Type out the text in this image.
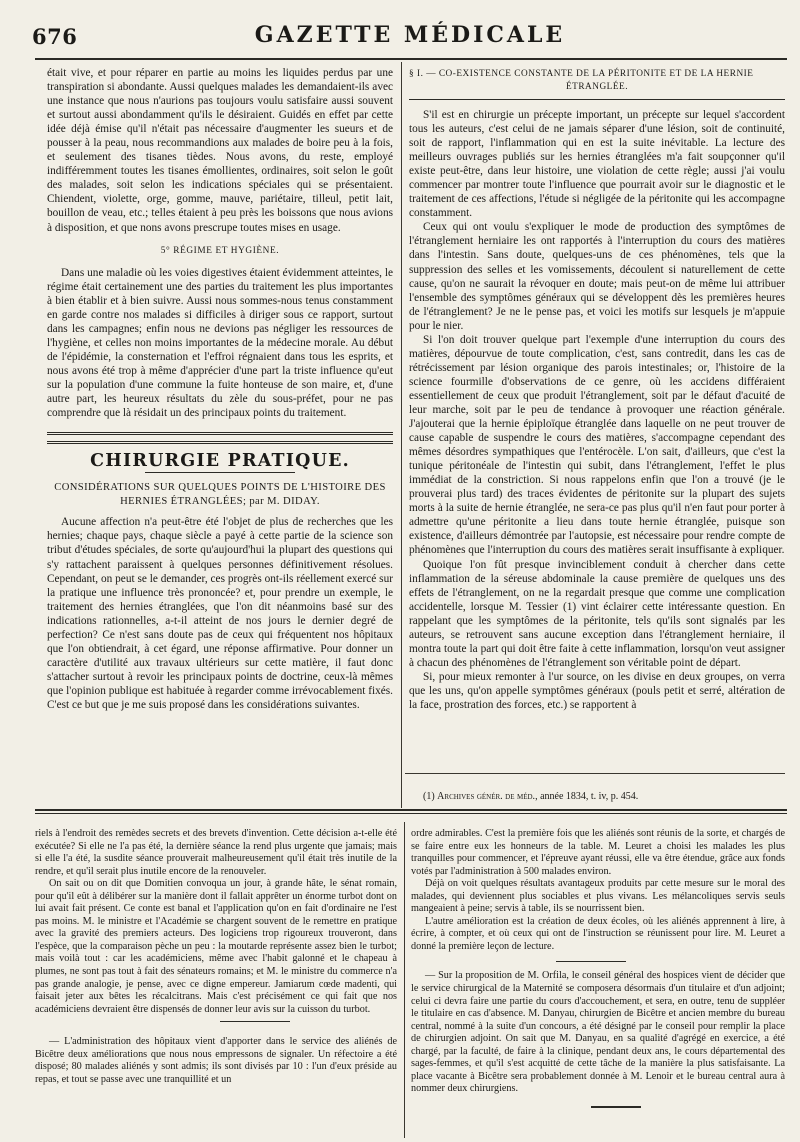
676	GAZETTE MÉDICALE

était vive, et pour réparer en partie au moins les liquides perdus par une transpiration si abondante. Aussi quelques malades les demandaient-ils avec une instance que nous n'aurions pas toujours voulu satisfaire aussi souvent et surtout aussi abondamment qu'ils le désiraient. Guidés en effet par cette idée déjà émise qu'il n'était pas nécessaire d'augmenter les sueurs et de pousser à la peau, nous recommandions aux malades de boire peu à la fois, et seulement des tisanes tièdes. Nous avons, du reste, employé indifféremment toutes les tisanes émollientes, ordinaires, soit selon le goût des malades, soit selon les indications spéciales qui se présentaient. Chiendent, violette, orge, gomme, mauve, pariétaire, tilleul, petit lait, bouillon de veau, etc.; telles étaient à peu près les boissons que nous avions à disposition, et que nons avons prescrupe toutes mises en usage.

5° RÉGIME ET HYGIÈNE.

Dans une maladie où les voies digestives étaient évidemment atteintes, le régime était certainement une des parties du traitement les plus importantes à bien établir et à bien suivre. Aussi nous sommes-nous tenus constamment en garde contre nos malades si difficiles à diriger sous ce rapport, surtout dans les campagnes; enfin nous ne devions pas négliger les ressources de l'hygiène, et celles non moins importantes de la médecine morale. Au début de l'épidémie, la consternation et l'effroi régnaient dans tous les esprits, et nous avons été trop à même d'apprécier d'une part la triste influence qu'eut sur la population d'une commune la fuite honteuse de son maire, et, d'une autre part, les heureux résultats du zèle du sous-préfet, pour ne pas comprendre que là résidait un des principaux points du traitement.

CHIRURGIE PRATIQUE.
CONSIDÉRATIONS SUR QUELQUES POINTS DE L'HISTOIRE DES
HERNIES ÉTRANGLÉES; par M. DIDAY.

Aucune affection n'a peut-être été l'objet de plus de recherches que les hernies; chaque pays, chaque siècle a payé à cette partie de la science son tribut d'études spéciales, de sorte qu'aujourd'hui la plupart des questions qui s'y rattachent paraissent à quelques personnes définitivement résolues. Cependant, on peut se le demander, ces progrès ont-ils réellement exercé sur la pratique une influence très prononcée? et, pour prendre un exemple, le traitement des hernies étranglées, que l'on dit néanmoins basé sur des indications rationnelles, a-t-il atteint de nos jours le dernier degré de perfection? Ce n'est sans doute pas de ceux qui fréquentent nos hôpitaux que l'on obtiendrait, à cet égard, une réponse affirmative. Pour donner un caractère d'utilité aux travaux ultérieurs sur cette matière, il faut donc s'attacher surtout à revoir les principaux points de doctrine, ceux-là mêmes que l'opinion publique est habituée à regarder comme irrévocablement fixés. C'est ce but que je me suis proposé dans les considérations suivantes.

§ I. — CO-EXISTENCE CONSTANTE DE LA PÉRITONITE ET DE LA HERNIE
ÉTRANGLÉE.

S'il est en chirurgie un précepte important, un précepte sur lequel s'accordent tous les auteurs, c'est celui de ne jamais séparer d'une lésion, soit de continuité, soit de rapport, l'inflammation qui en est la suite inévitable. La lecture des meilleurs ouvrages publiés sur les hernies étranglées m'a fait soupçonner qu'il existe peut-être, dans leur histoire, une violation de cette règle; aussi j'ai voulu commencer par montrer toute l'influence que pourrait avoir sur le diagnostic et le traitement de ces affections, l'étude si négligée de la péritonite qui les accompagne constamment.

Ceux qui ont voulu s'expliquer le mode de production des symptômes de l'étranglement herniaire les ont rapportés à l'interruption du cours des matières dans l'intestin. Sans doute, quelques-uns de ces phénomènes, tels que la suppression des selles et les vomissements, découlent si naturellement de cette cause, qu'on ne saurait la révoquer en doute; mais peut-on de même lui attribuer l'ensemble des symptômes généraux qui se développent dès les premières heures de l'étranglement? Je ne le pense pas, et voici les motifs sur lesquels je m'appuie pour le nier.

Si l'on doit trouver quelque part l'exemple d'une interruption du cours des matières, dépourvue de toute complication, c'est, sans contredit, dans les cas de rétrécissement par lésion organique des parois intestinales; or, l'histoire de la science fourmille d'observations de ce genre, où les accidens différaient essentiellement de ceux que produit l'étranglement, soit par le défaut d'acuité de leur marche, soit par le peu de tendance à provoquer une réaction générale. J'ajouterai que la hernie épiploïque étranglée dans laquelle on ne peut trouver de cause capable de suspendre le cours des matières, s'accompagne cependant des mêmes désordres sympathiques que l'entérocèle. L'on sait, d'ailleurs, que c'est la tunique péritonéale de l'intestin qui subit, dans l'étranglement, l'effet le plus immédiat de la constriction. Si nous rappelons enfin que l'on a trouvé (je le prouverai plus tard) des traces évidentes de péritonite sur la plupart des sujets morts à la suite de hernie étranglée, ne sera-ce pas plus qu'il n'en faut pour porter à admettre qu'une péritonite a lieu dans toute hernie étranglée, puisque son existence, d'ailleurs démontrée par l'autopsie, est nécessaire pour rendre compte de phénomènes que l'interruption du cours des matières serait insuffisante à expliquer.

Quoique l'on fût presque invinciblement conduit à chercher dans cette inflammation de la séreuse abdominale la cause première de quelques uns des effets de l'étranglement, on ne la regardait presque que comme une complication accidentelle, lorsque M. Tessier (1) vint éclairer cette intéressante question. En rappelant que les symptômes de la péritonite, tels qu'ils sont signalés par les auteurs, se retrouvent sans aucune exception dans l'étranglement herniaire, il montra toute la part qui doit être faite à cette inflammation, lorsqu'on veut assigner à chacun des phénomènes de l'étranglement son véritable point de départ.

Si, pour mieux remonter à l'ur source, on les divise en deux groupes, on verra que les uns, qu'on appelle symptômes généraux (pouls petit et serré, altération de la face, prostration des forces, etc.) se rapportent à

(1) Archives génér. de méd., année 1834, t. iv, p. 454.

riels à l'endroit des remèdes secrets et des brevets d'invention. Cette décision a-t-elle été exécutée? Si elle ne l'a pas été, la dernière séance la rend plus urgente que jamais; mais si elle l'a été, la susdite séance prouverait malheureusement qu'il était très inutile de la rendre, et qu'il serait plus inutile encore de la renouveler.

On sait ou on dit que Domitien convoqua un jour, à grande hâte, le sénat romain, pour qu'il eût à délibérer sur la manière dont il fallait apprêter un énorme turbot dont on lui avait fait présent. Ce conte est banal et l'application qu'on en fait d'ordinaire ne l'est pas moins. M. le ministre et l'Académie se chargent souvent de le remettre en pratique avec la gravité des premiers acteurs. Des logiciens trop rigoureux trouveront, dans l'espèce, que la comparaison pèche un peu : la moutarde représente assez bien le turbot; mais voilà tout : car les académiciens, même avec l'habit galonné et le chapeau à plumes, ne sont pas tout à fait des sénateurs romains; et M. le ministre du commerce n'a pas grande analogie, je pense, avec ce digne empereur. Jamiarum cœde madenti, qui faisait jeter aux bêtes les récalcitrans. Mais c'est précisément ce qui fait que nos académiciens devraient être dispensés de donner leur avis sur la cuisson du turbot.

— L'administration des hôpitaux vient d'apporter dans le service des aliénés de Bicêtre deux améliorations que nous nous empressons de signaler. Un réfectoire a été disposé; 80 malades aliénés y sont admis; ils sont divisés par 10 : l'un d'eux préside au repas, et tout se passe avec une tranquillité et un

ordre admirables. C'est la première fois que les aliénés sont réunis de la sorte, et chargés de se faire entre eux les honneurs de la table. M. Leuret a choisi les malades les plus tranquilles pour commencer, et l'épreuve ayant réussi, elle va être étendue, grâce aux fonds votés par l'administration à 500 malades environ.

Déjà on voit quelques résultats avantageux produits par cette mesure sur le moral des malades, qui deviennent plus sociables et plus vivans. Les mélancoliques servis seuls mangeaient à peine; servis à table, ils se nourrissent bien.

L'autre amélioration est la création de deux écoles, où les aliénés apprennent à lire, à écrire, à compter, et où ceux qui ont de l'instruction se réunissent pour lire. M. Leuret a donné la première leçon de lecture.

— Sur la proposition de M. Orfila, le conseil général des hospices vient de décider que le service chirurgical de la Maternité se composera désormais d'un titulaire et d'un adjoint; celui ci devra faire une partie du cours d'accouchement, et sera, en outre, tenu de suppléer le titulaire en cas d'absence. M. Danyau, chirurgien de Bicêtre et ancien membre du bureau central, nommé à la suite d'un concours, a été désigné par le conseil pour remplir la place de chirurgien adjoint. On sait que M. Danyau, en sa qualité d'agrégé en exercice, a été chargé, par la faculté, de faire à la clinique, pendant deux ans, le cours départemental des sages-femmes, et qu'il s'est acquitté de cette tâche de la manière la plus satisfaisante. La place vacante à Bicêtre sera probablement donnée à M. Lenoir et le bureau central aura à nommer deux chirurgiens.
